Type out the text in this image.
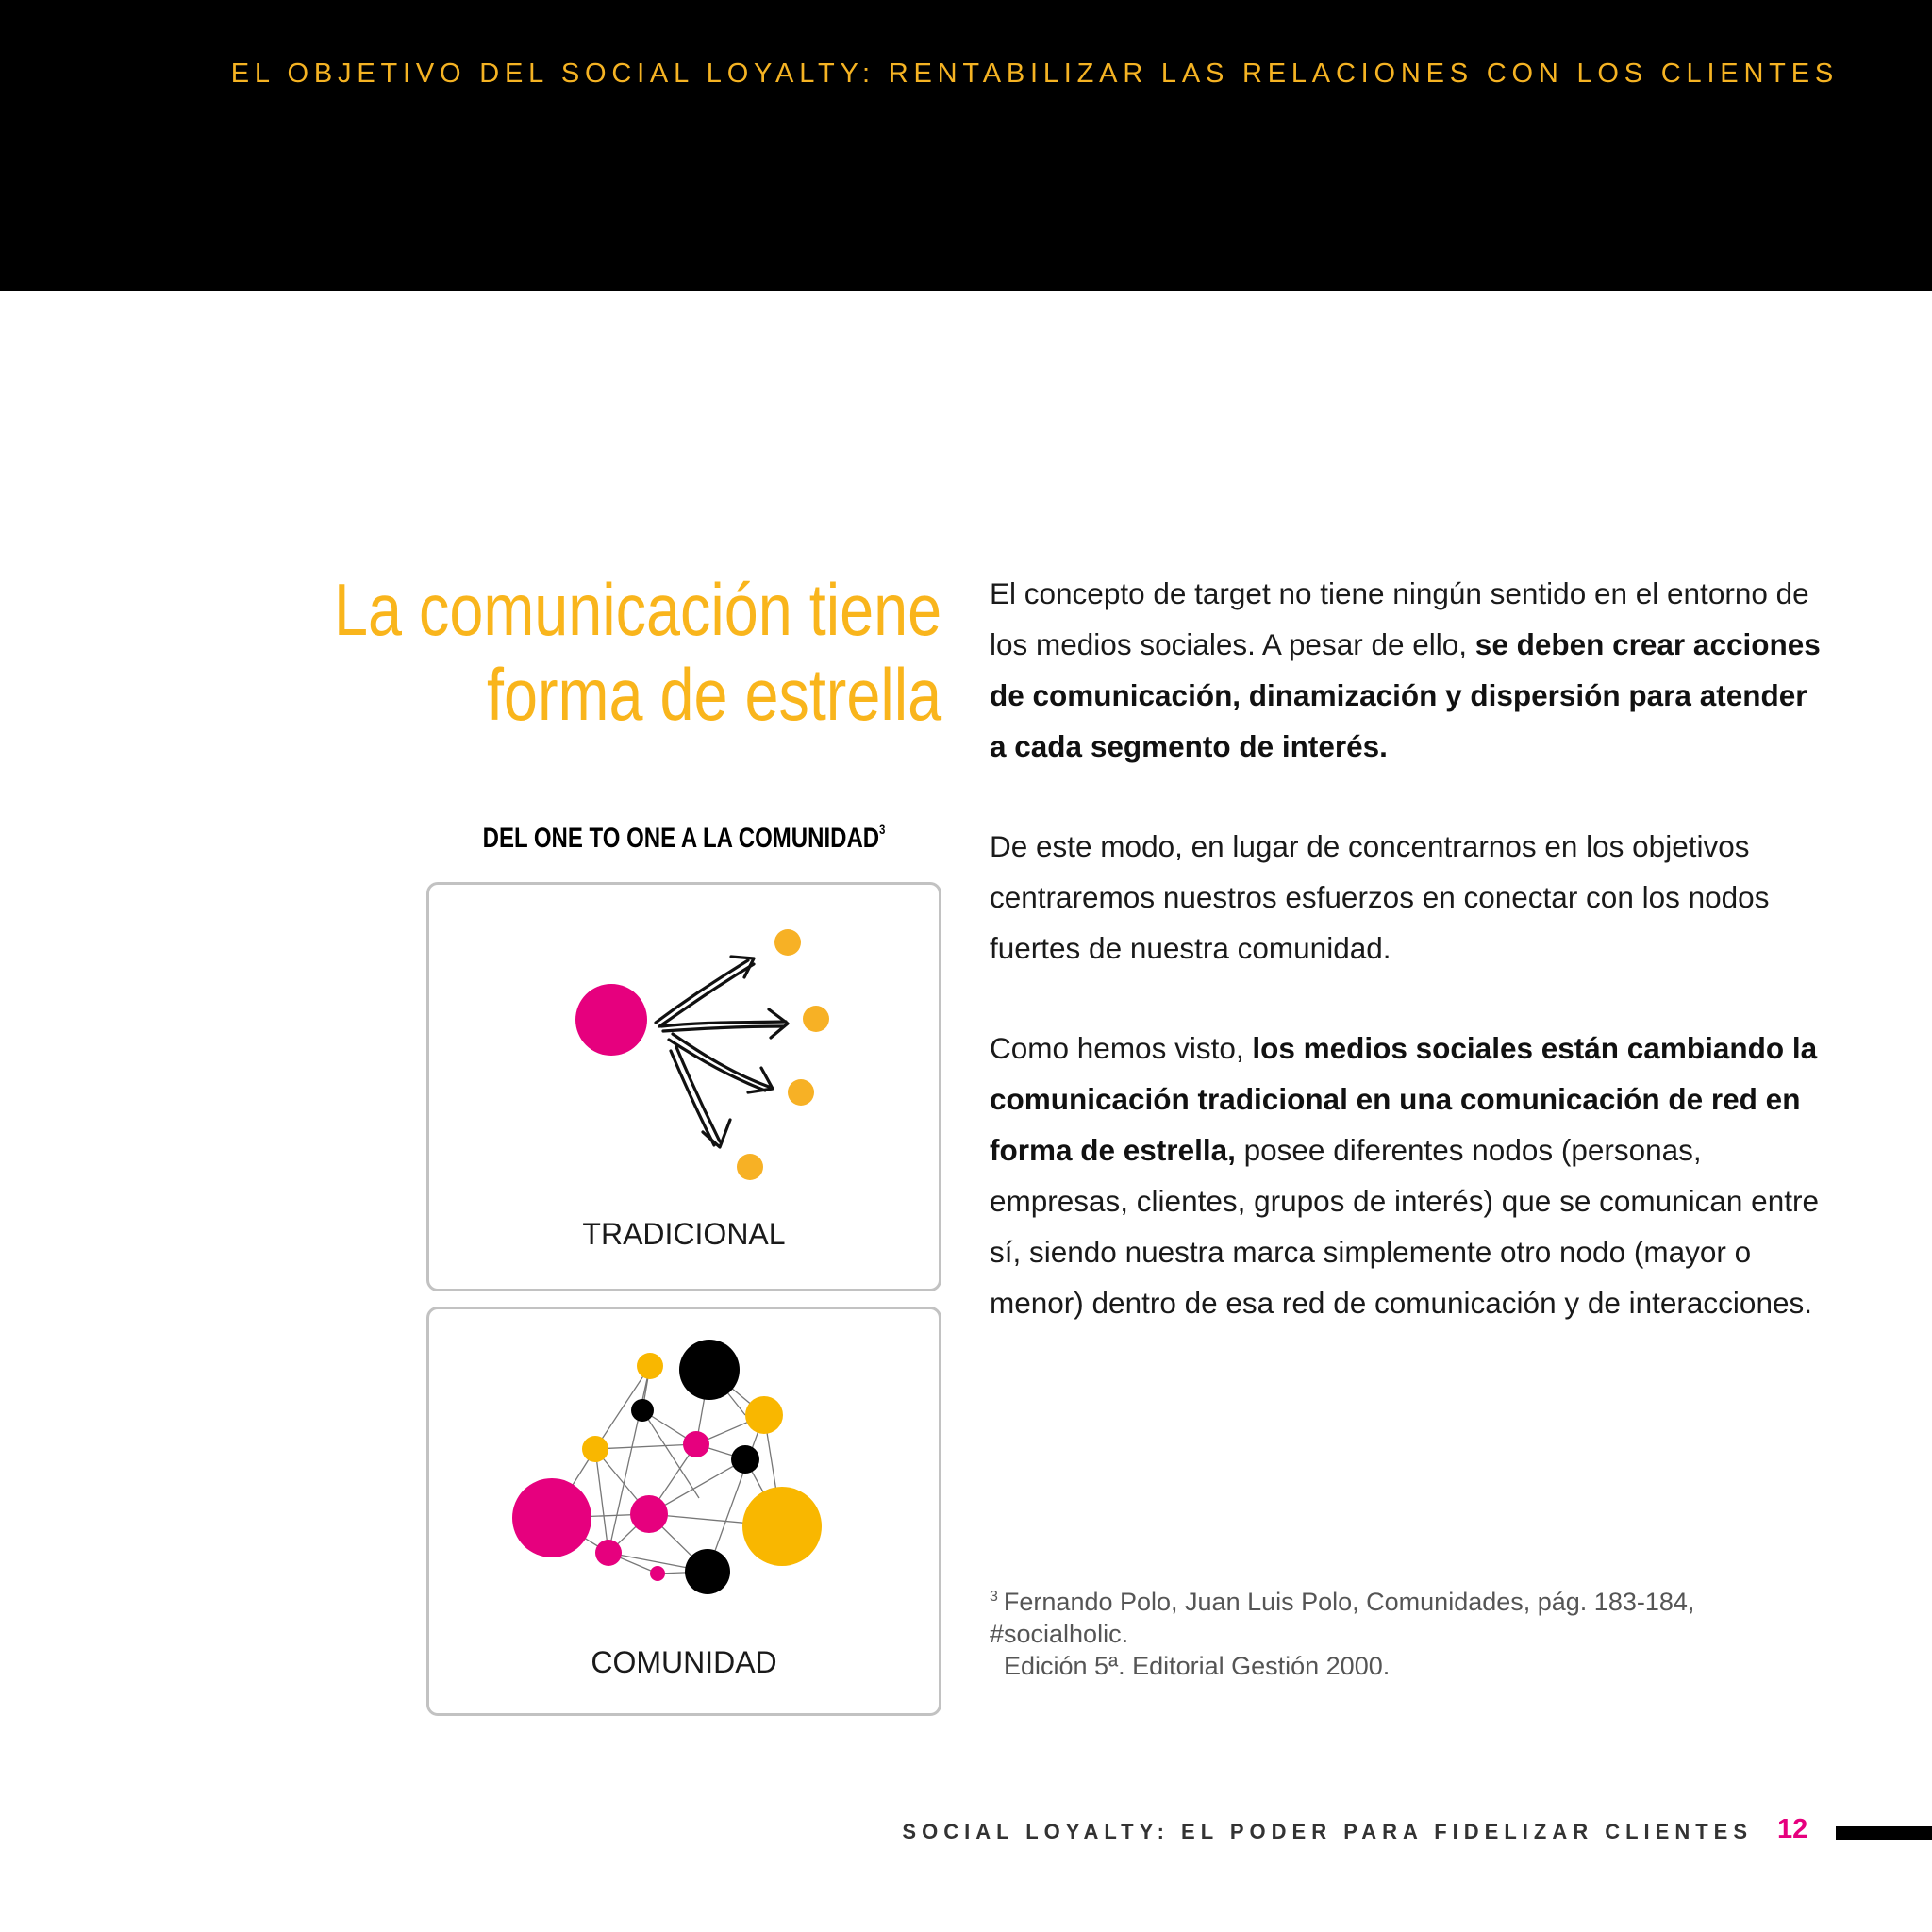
EL OBJETIVO DEL SOCIAL LOYALTY: RENTABILIZAR LAS RELACIONES CON LOS CLIENTES
La comunicación tiene
forma de estrella
DEL ONE TO ONE A LA COMUNIDAD$^3$
TRADICIONAL
COMUNIDAD

El concepto de target no tiene ningún sentido en el entorno de los medios sociales. A pesar de ello, se deben crear acciones de comunicación, dinamización y dispersión para atender a cada segmento de interés.

De este modo, en lugar de concentrarnos en los objetivos centraremos nuestros esfuerzos en conectar con los nodos fuertes de nuestra comunidad.

Como hemos visto, los medios sociales están cambiando la comunicación tradicional en una comunicación de red en forma de estrella, posee diferentes nodos (personas, empresas, clientes, grupos de interés) que se comunican entre sí, siendo nuestra marca simplemente otro nodo (mayor o menor) dentro de esa red de comunicación y de interacciones.

$^3$ Fernando Polo, Juan Luis Polo, Comunidades, pág. 183-184, #socialholic.
Edición 5ª. Editorial Gestión 2000.
SOCIAL LOYALTY: EL PODER PARA FIDELIZAR CLIENTES 12
